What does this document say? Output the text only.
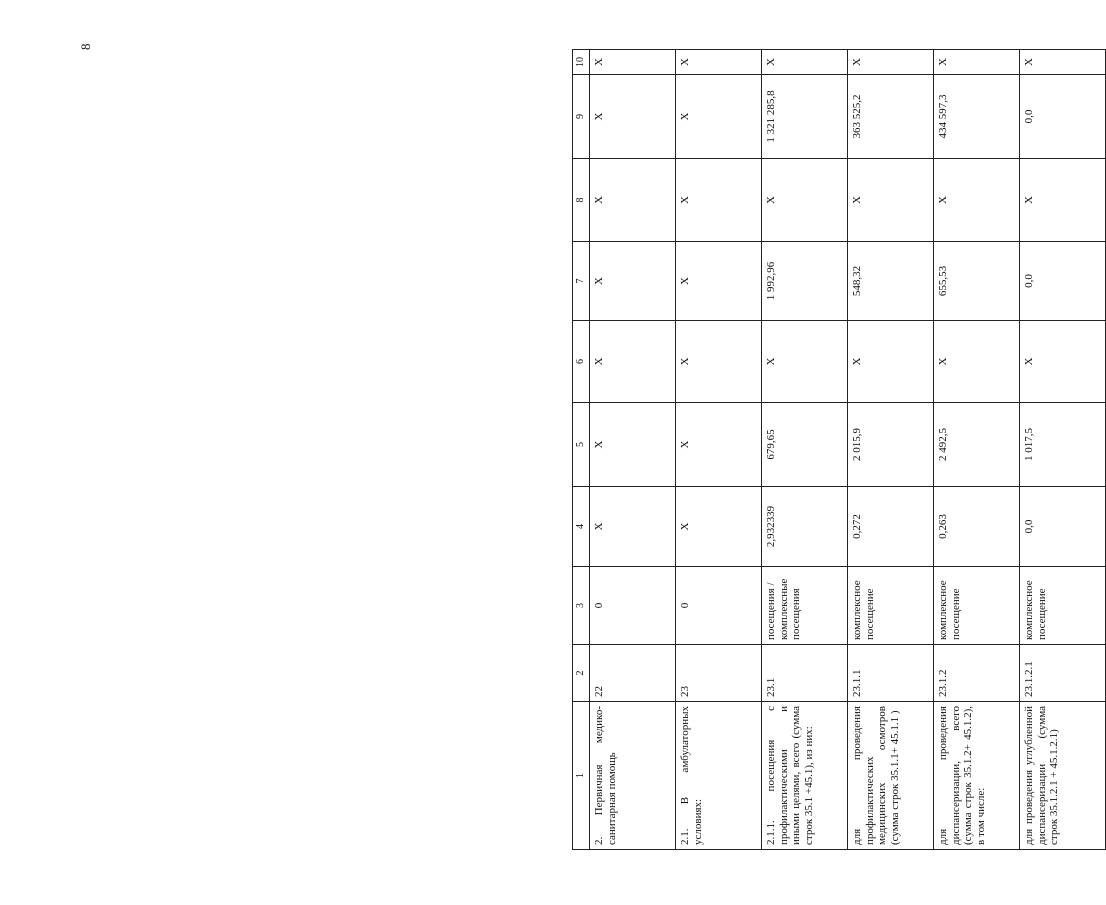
8
1	2	3	4	5	6	7	8	9	10
2. Первичная медико-санитарная помощь	22	0	Х	Х	Х	Х	Х	Х	Х
2.1. В амбулаторных условиях:	23	0	Х	Х	Х	Х	Х	Х	Х
2.1.1. посещения с профилактическими и иными целями, всего (сумма строк 35.1 +45.1), из них:	23.1	посещения / комплексные посещения	2,932339	679,65	Х	1 992,96	Х	1 321 285,8	Х
для проведения профилактических медицинских осмотров (сумма строк 35.1.1+ 45.1.1 )	23.1.1	комплексное посещение	0,272	2 015,9	Х	548,32	Х	363 525,2	Х
для проведения диспансеризации, всего (сумма строк 35.1.2+ 45.1.2), в том числе:	23.1.2	комплексное посещение	0,263	2 492,5	Х	655,53	Х	434 597,3	Х
для проведения углубленной диспансеризации (сумма строк 35.1.2.1 + 45.1.2.1)	23.1.2.1	комплексное посещение	0,0	1 017,5	Х	0,0	Х	0,0	Х
